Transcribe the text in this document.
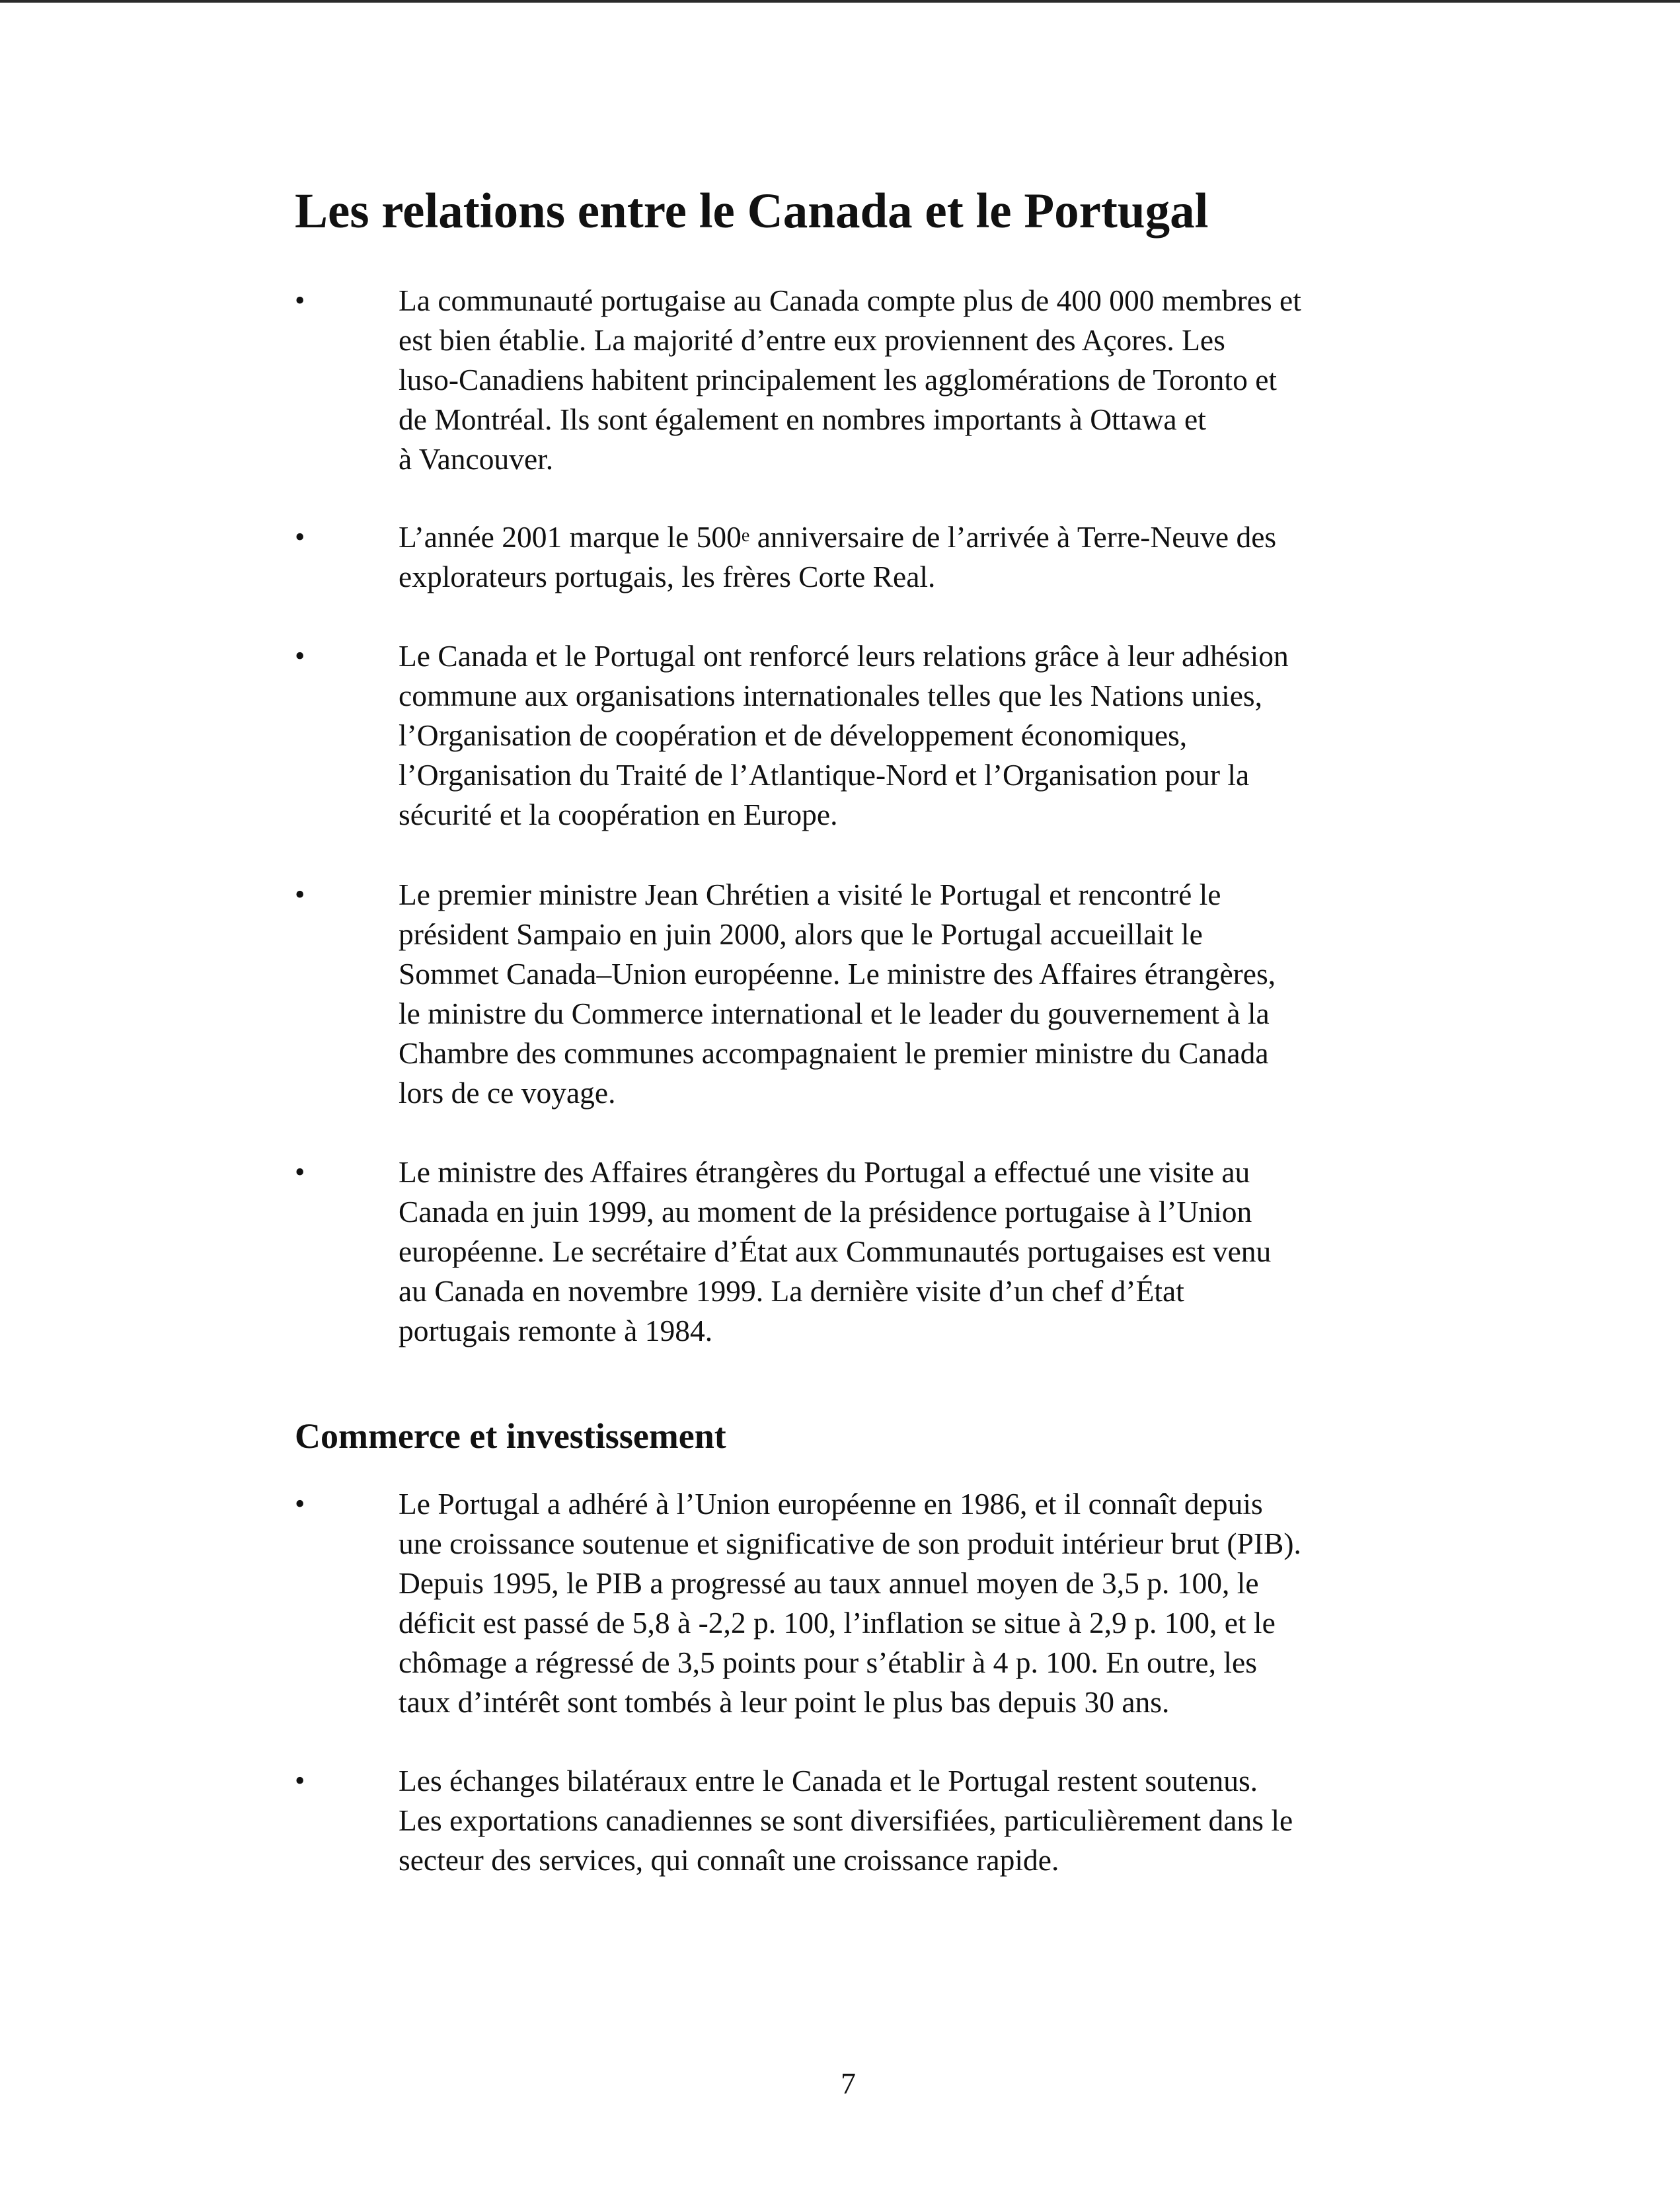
Les relations entre le Canada et le Portugal
•	La communauté portugaise au Canada compte plus de 400 000 membres et
est bien établie. La majorité d’entre eux proviennent des Açores. Les
luso-Canadiens habitent principalement les agglomérations de Toronto et
de Montréal. Ils sont également en nombres importants à Ottawa et
à Vancouver.

•	L’année 2001 marque le 500e anniversaire de l’arrivée à Terre-Neuve des
explorateurs portugais, les frères Corte Real.

•	Le Canada et le Portugal ont renforcé leurs relations grâce à leur adhésion
commune aux organisations internationales telles que les Nations unies,
l’Organisation de coopération et de développement économiques,
l’Organisation du Traité de l’Atlantique-Nord et l’Organisation pour la
sécurité et la coopération en Europe.

•	Le premier ministre Jean Chrétien a visité le Portugal et rencontré le
président Sampaio en juin 2000, alors que le Portugal accueillait le
Sommet Canada–Union européenne. Le ministre des Affaires étrangères,
le ministre du Commerce international et le leader du gouvernement à la
Chambre des communes accompagnaient le premier ministre du Canada
lors de ce voyage.

•	Le ministre des Affaires étrangères du Portugal a effectué une visite au
Canada en juin 1999, au moment de la présidence portugaise à l’Union
européenne. Le secrétaire d’État aux Communautés portugaises est venu
au Canada en novembre 1999. La dernière visite d’un chef d’État
portugais remonte à 1984.

Commerce et investissement
•	Le Portugal a adhéré à l’Union européenne en 1986, et il connaît depuis
une croissance soutenue et significative de son produit intérieur brut (PIB).
Depuis 1995, le PIB a progressé au taux annuel moyen de 3,5 p. 100, le
déficit est passé de 5,8 à -2,2 p. 100, l’inflation se situe à 2,9 p. 100, et le
chômage a régressé de 3,5 points pour s’établir à 4 p. 100. En outre, les
taux d’intérêt sont tombés à leur point le plus bas depuis 30 ans.

•	Les échanges bilatéraux entre le Canada et le Portugal restent soutenus.
Les exportations canadiennes se sont diversifiées, particulièrement dans le
secteur des services, qui connaît une croissance rapide.

7
